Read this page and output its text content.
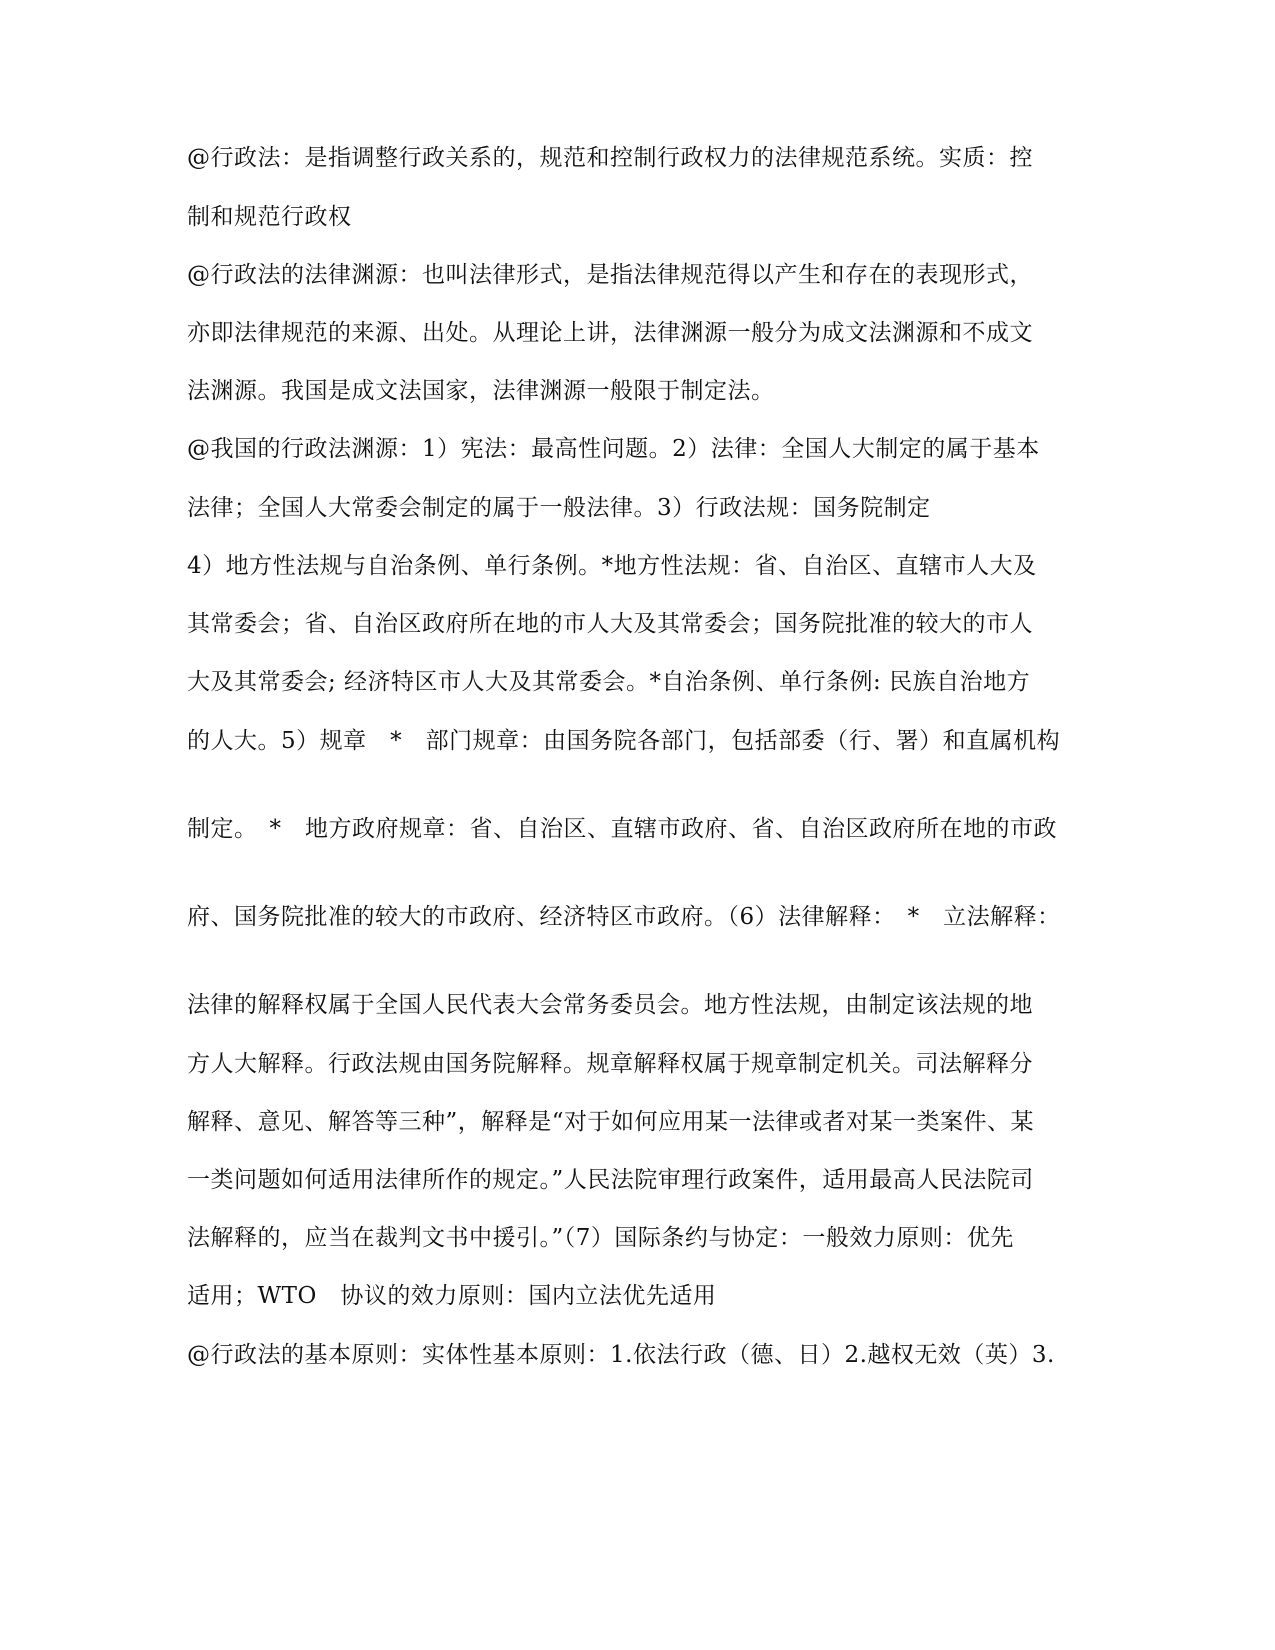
@行政法：是指调整行政关系的，规范和控制行政权力的法律规范系统。实质：控

制和规范行政权

@行政法的法律渊源：也叫法律形式，是指法律规范得以产生和存在的表现形式，

亦即法律规范的来源、出处。从理论上讲，法律渊源一般分为成文法渊源和不成文

法渊源。我国是成文法国家，法律渊源一般限于制定法。

@我国的行政法渊源：1）宪法：最高性问题。2）法律：全国人大制定的属于基本

法律；全国人大常委会制定的属于一般法律。3）行政法规：国务院制定

4）地方性法规与自治条例、单行条例。*地方性法规：省、自治区、直辖市人大及

其常委会；省、自治区政府所在地的市人大及其常委会；国务院批准的较大的市人

大及其常委会; 经济特区市人大及其常委会。*自治条例、单行条例: 民族自治地方

的人大。5）规章　*　部门规章：由国务院各部门，包括部委（行、署）和直属机构

制定。　*　地方政府规章：省、自治区、直辖市政府、省、自治区政府所在地的市政

府、国务院批准的较大的市政府、经济特区市政府。（6）法律解释：　*　立法解释：

法律的解释权属于全国人民代表大会常务委员会。地方性法规，由制定该法规的地

方人大解释。行政法规由国务院解释。规章解释权属于规章制定机关。司法解释分

解释、意见、解答等三种”，解释是“对于如何应用某一法律或者对某一类案件、某

一类问题如何适用法律所作的规定。”人民法院审理行政案件，适用最高人民法院司

法解释的，应当在裁判文书中援引。”（7）国际条约与协定：一般效力原则：优先

适用；WTO　协议的效力原则：国内立法优先适用

@行政法的基本原则：实体性基本原则：1.依法行政（德、日）2.越权无效（英）3.
